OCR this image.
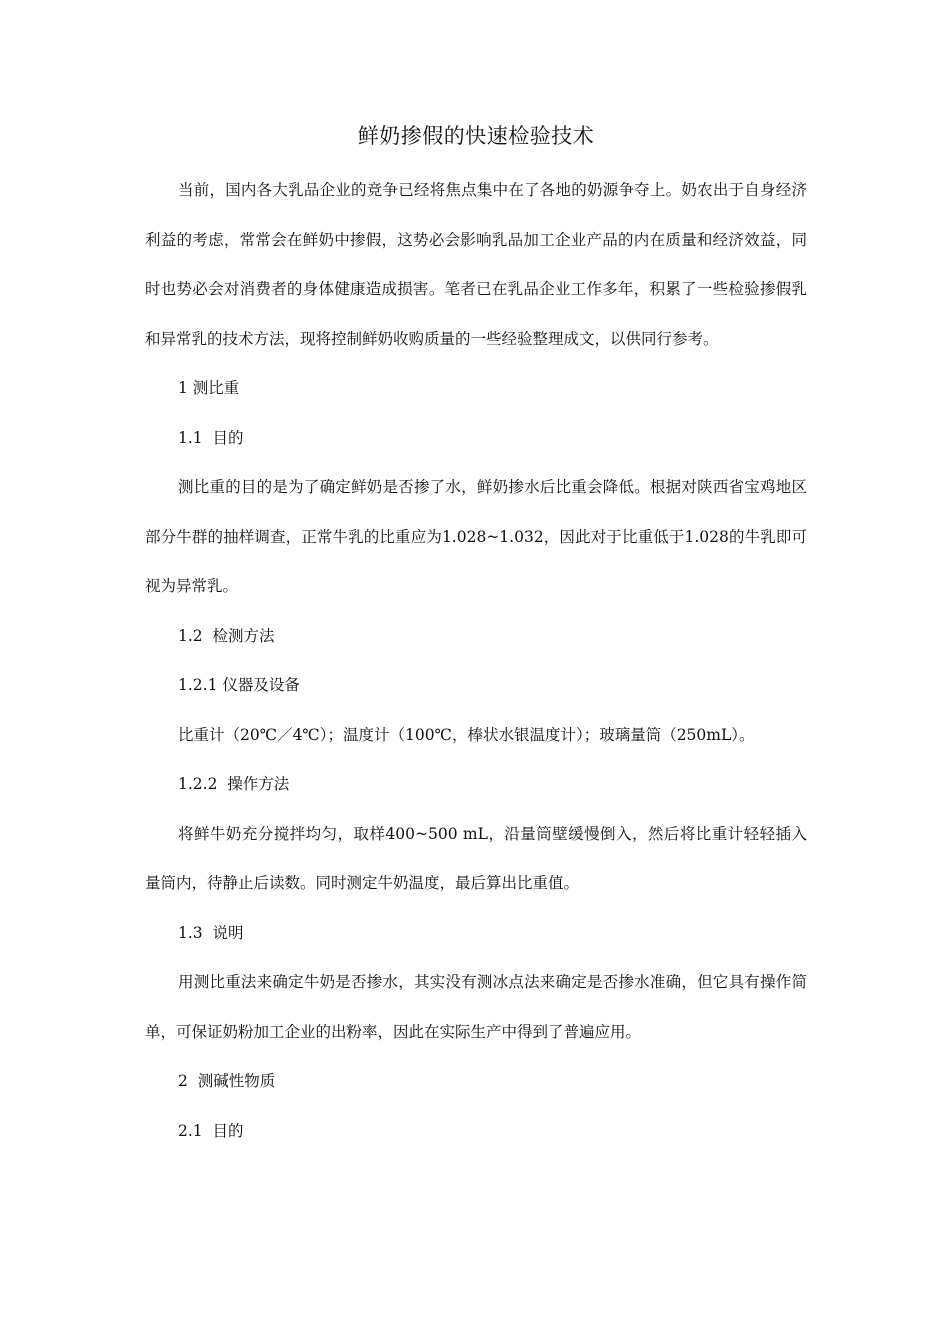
鲜奶掺假的快速检验技术

当前，国内各大乳品企业的竞争已经将焦点集中在了各地的奶源争夺上。奶农出于自身经济利益的考虑，常常会在鲜奶中掺假，这势必会影响乳品加工企业产品的内在质量和经济效益，同时也势必会对消费者的身体健康造成损害。笔者已在乳品企业工作多年，积累了一些检验掺假乳和异常乳的技术方法，现将控制鲜奶收购质量的一些经验整理成文，以供同行参考。

1 测比重

1.1  目的

测比重的目的是为了确定鲜奶是否掺了水，鲜奶掺水后比重会降低。根据对陕西省宝鸡地区部分牛群的抽样调查，正常牛乳的比重应为1.028~1.032，因此对于比重低于1.028的牛乳即可视为异常乳。

1.2  检测方法

1.2.1 仪器及设备

比重计（20℃／4℃）；温度计（100℃，棒状水银温度计）；玻璃量筒（250mL）。

1.2.2  操作方法

将鲜牛奶充分搅拌均匀，取样400~500 mL，沿量筒壁缓慢倒入，然后将比重计轻轻插入量筒内，待静止后读数。同时测定牛奶温度，最后算出比重值。

1.3  说明

用测比重法来确定牛奶是否掺水，其实没有测冰点法来确定是否掺水准确，但它具有操作简单，可保证奶粉加工企业的出粉率，因此在实际生产中得到了普遍应用。

2  测碱性物质

2.1  目的
